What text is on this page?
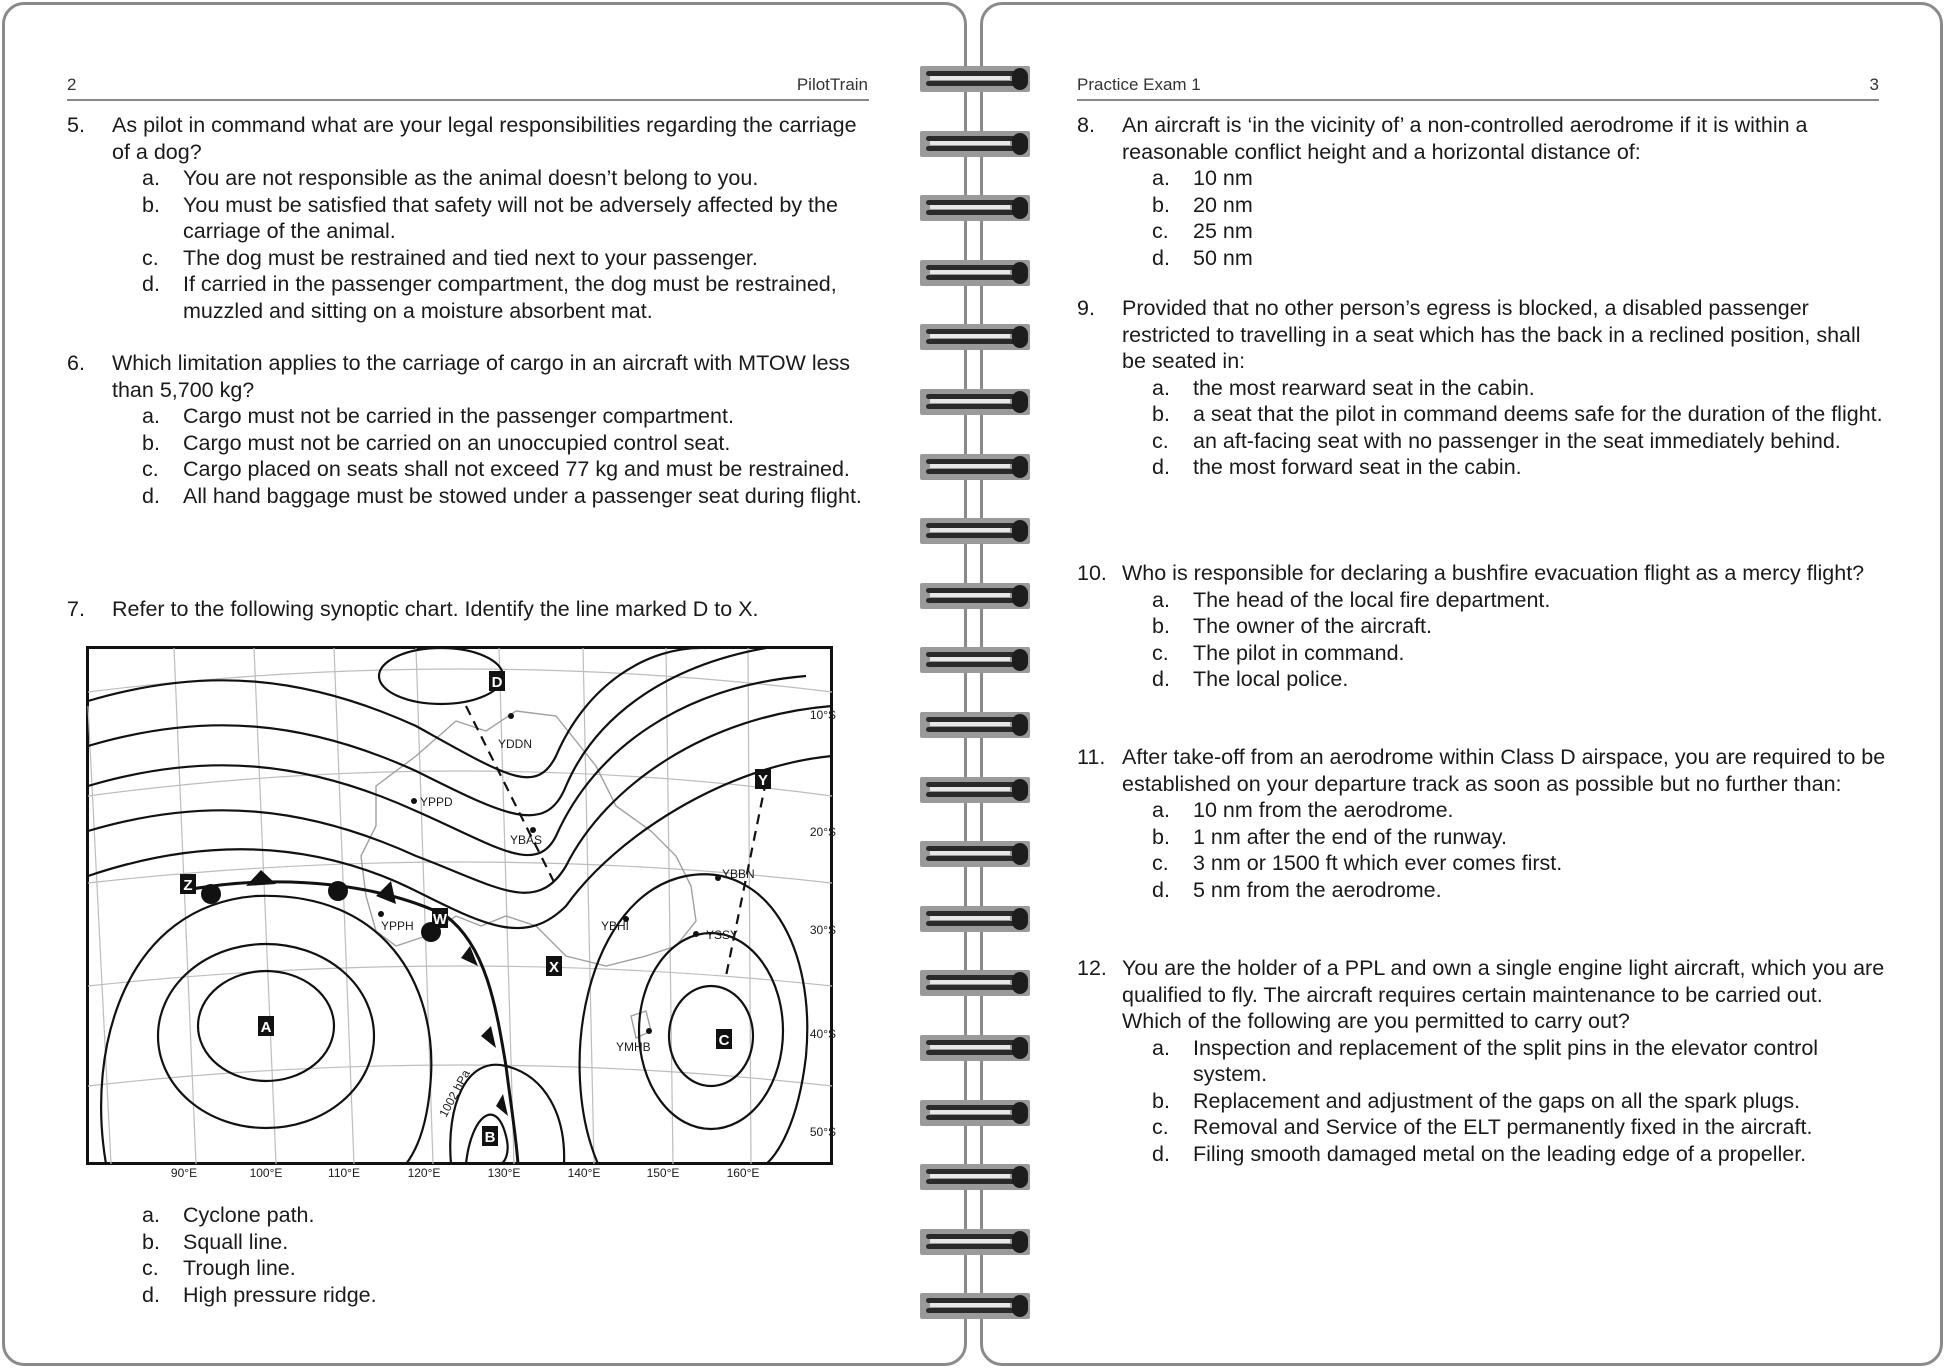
2	PilotTrain
5.	As pilot in command what are your legal responsibilities regarding the carriage of a dog?
a.	You are not responsible as the animal doesn’t belong to you.
b.	You must be satisfied that safety will not be adversely affected by the carriage of the animal.
c.	The dog must be restrained and tied next to your passenger.
d.	If carried in the passenger compartment, the dog must be restrained, muzzled and sitting on a moisture absorbent mat.
6.	Which limitation applies to the carriage of cargo in an aircraft with MTOW less than 5,700 kg?
a.	Cargo must not be carried in the passenger compartment.
b.	Cargo must not be carried on an unoccupied control seat.
c.	Cargo placed on seats shall not exceed 77 kg and must be restrained.
d.	All hand baggage must be stowed under a passenger seat during flight.
7.	Refer to the following synoptic chart. Identify the line marked D to X.
YDDN
YPPD
YBAS
YBBN
YPPH	YBHI
YSSY
YMHB
1002 hPa
10°S
20°S
30°S
40°S
50°S
90°E	100°E	110°E	120°E	130°E	140°E	150°E	160°E
D
Y
Z
W
X
A
C
B
a.	Cyclone path.
b.	Squall line.
c.	Trough line.
d.	High pressure ridge.
Practice Exam 1	3
8.	An aircraft is ‘in the vicinity of’ a non-controlled aerodrome if it is within a reasonable conflict height and a horizontal distance of:
a.	10 nm
b.	20 nm
c.	25 nm
d.	50 nm
9.	Provided that no other person’s egress is blocked, a disabled passenger restricted to travelling in a seat which has the back in a reclined position, shall be seated in:
a.	the most rearward seat in the cabin.
b.	a seat that the pilot in command deems safe for the duration of the flight.
c.	an aft-facing seat with no passenger in the seat immediately behind.
d.	the most forward seat in the cabin.
10. Who is responsible for declaring a bushfire evacuation flight as a mercy flight?
a.	The head of the local fire department.
b.	The owner of the aircraft.
c.	The pilot in command.
d.	The local police.
11. After take-off from an aerodrome within Class D airspace, you are required to be established on your departure track as soon as possible but no further than:
a.	10 nm from the aerodrome.
b.	1 nm after the end of the runway.
c.	3 nm or 1500 ft which ever comes first.
d.	5 nm from the aerodrome.
12. You are the holder of a PPL and own a single engine light aircraft, which you are qualified to fly. The aircraft requires certain maintenance to be carried out. Which of the following are you permitted to carry out?
a.	Inspection and replacement of the split pins in the elevator control system.
b.	Replacement and adjustment of the gaps on all the spark plugs.
c.	Removal and Service of the ELT permanently fixed in the aircraft.
d.	Filing smooth damaged metal on the leading edge of a propeller.
